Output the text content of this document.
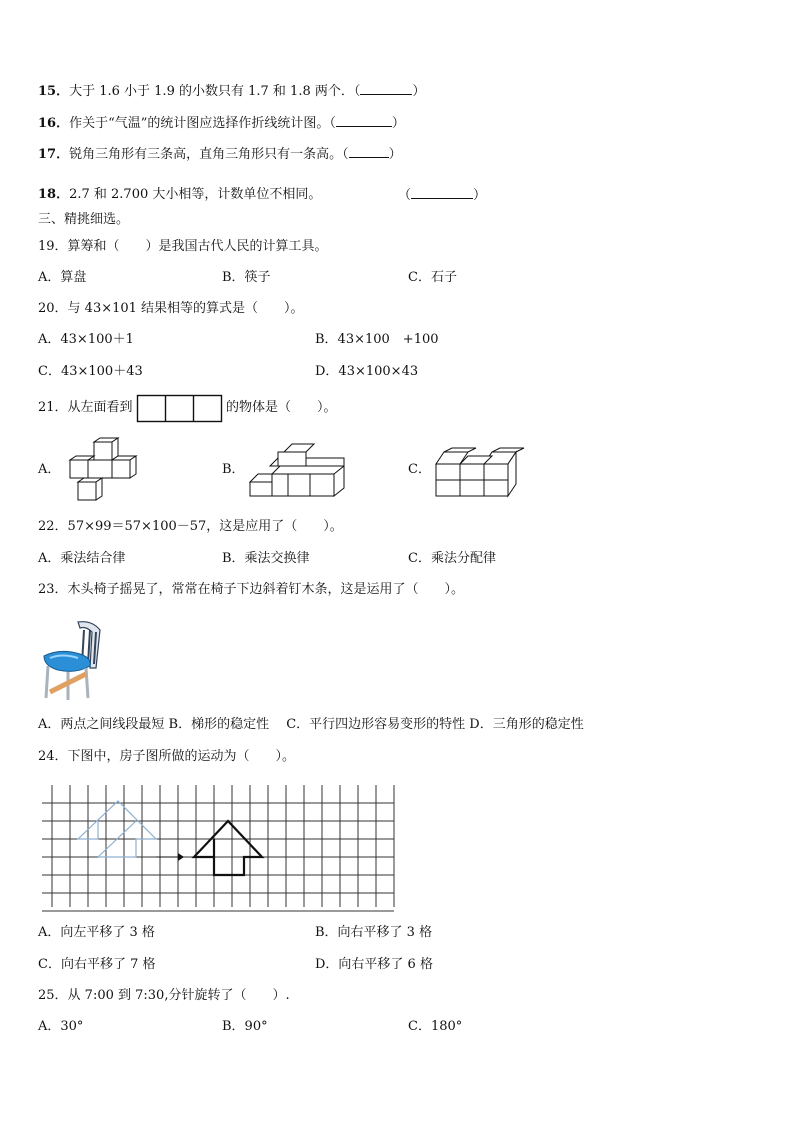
15．大于 1.6 小于 1.9 的小数只有 1.7 和 1.8 两个．（	）
16．作关于“气温”的统计图应选择作折线统计图。（	）
17．锐角三角形有三条高，直角三角形只有一条高。（	）
18．2.7 和 2.700 大小相等，计数单位不相同。	（	）
三、精挑细选。
19．算筹和（　　）是我国古代人民的计算工具。
A．算盘	B．筷子	C．石子
20．与 43×101 结果相等的算式是（　　）。
A．43×100＋1	B．43×100　+100
C．43×100＋43	D．43×100×43
21．从左面看到	的物体是（　　）。
A．	B．	C．
22．57×99＝57×100－57，这是应用了（　　）。
A．乘法结合律	B．乘法交换律	C．乘法分配律
23．木头椅子摇晃了，常常在椅子下边斜着钉木条，这是运用了（　　）。
A．两点之间线段最短 B．梯形的稳定性　 C．平行四边形容易变形的特性 D．三角形的稳定性
24．下图中，房子图所做的运动为（　　）。
A．向左平移了 3 格	B．向右平移了 3 格
C．向右平移了 7 格	D．向右平移了 6 格
25．从 7:00 到 7:30,分针旋转了（　　）.
A．30°	B．90°	C．180°
